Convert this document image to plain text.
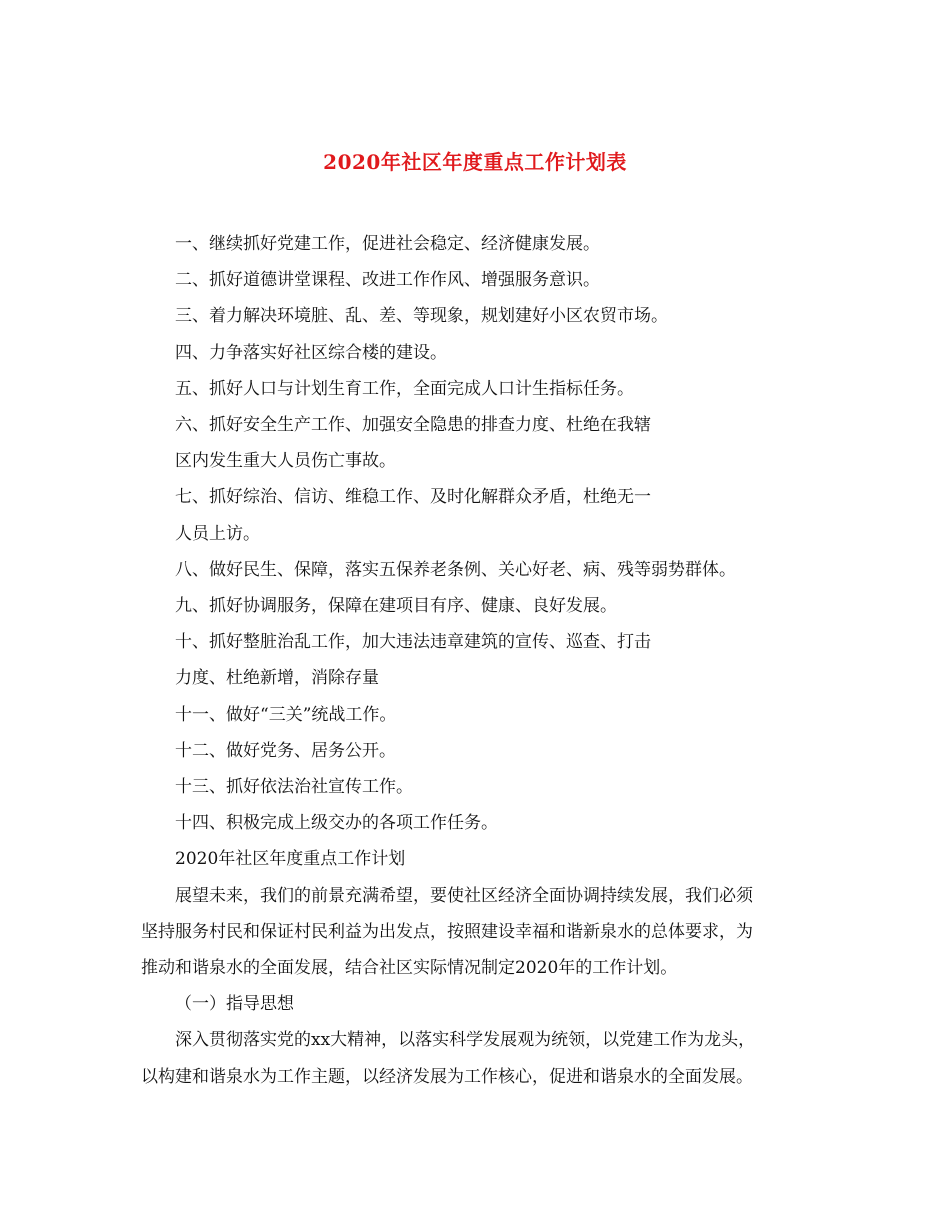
2020年社区年度重点工作计划表
一、继续抓好党建工作，促进社会稳定、经济健康发展。
二、抓好道德讲堂课程、改进工作作风、增强服务意识。
三、着力解决环境脏、乱、差、等现象，规划建好小区农贸市场。
四、力争落实好社区综合楼的建设。
五、抓好人口与计划生育工作，全面完成人口计生指标任务。
六、抓好安全生产工作、加强安全隐患的排查力度、杜绝在我辖
区内发生重大人员伤亡事故。
七、抓好综治、信访、维稳工作、及时化解群众矛盾，杜绝无一
人员上访。
八、做好民生、保障，落实五保养老条例、关心好老、病、残等弱势群体。
九、抓好协调服务，保障在建项目有序、健康、良好发展。
十、抓好整脏治乱工作，加大违法违章建筑的宣传、巡查、打击
力度、杜绝新增，消除存量
十一、做好“三关”统战工作。
十二、做好党务、居务公开。
十三、抓好依法治社宣传工作。
十四、积极完成上级交办的各项工作任务。
2020年社区年度重点工作计划
展望未来，我们的前景充满希望，要使社区经济全面协调持续发展，我们必须
坚持服务村民和保证村民利益为出发点，按照建设幸福和谐新泉水的总体要求，为
推动和谐泉水的全面发展，结合社区实际情况制定2020年的工作计划。
（一）指导思想
深入贯彻落实党的xx大精神，以落实科学发展观为统领，以党建工作为龙头，
以构建和谐泉水为工作主题，以经济发展为工作核心，促进和谐泉水的全面发展。
